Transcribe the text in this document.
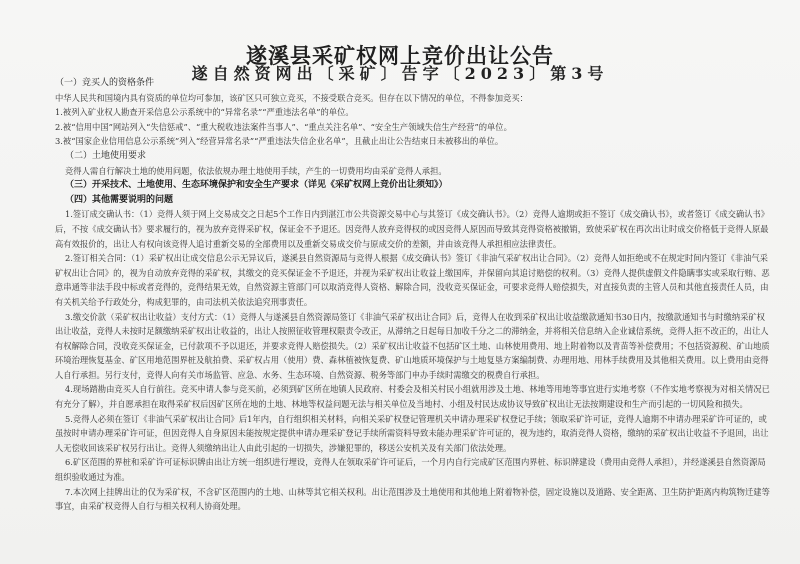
遂溪县采矿权网上竞价出让公告
遂自然资网出〔采矿〕告字〔2023〕第3号

（一）竞买人的资格条件

中华人民共和国境内具有资质的单位均可参加，该矿区只可独立竞买，不接受联合竞买。但存在以下情况的单位，不得参加竞买：

1.被列入矿业权人勘查开采信息公示系统中的“异常名录”“严重违法名单”的单位。

2.被“信用中国”网站列入“失信惩戒”、“重大税收违法案件当事人”、“重点关注名单”、“安全生产领域失信生产经营”的单位。

3.被“国家企业信用信息公示系统”列入“经营异常名录”“严重违法失信企业名单”，且截止出让公告结束日未被移出的单位。

（二）土地使用要求

竞得人需自行解决土地的使用问题，依法依规办理土地使用手续，产生的一切费用均由采矿竞得人承担。

（三）开采技术、土地使用、生态环境保护和安全生产要求（详见《采矿权网上竞价出让须知》）

（四）其他需要说明的问题

1.签订成交确认书：（1）竞得人须于网上交易成交之日起5个工作日内到湛江市公共资源交易中心与其签订《成交确认书》。（2）竞得人逾期或拒不签订《成交确认书》，或者签订《成交确认书》后，不按《成交确认书》要求履行的，视为放弃竞得采矿权，保证金不予退还。因竞得人放弃竞得权的或因竞得人原因而导致其竞得资格被撤销，致使采矿权在再次出让时成交价格低于竞得人原最高有效报价的，出让人有权向该竞得人追讨重新交易的全部费用以及重新交易成交价与原成交价的差额，并由该竞得人承担相应法律责任。

2.签订相关合同：（1）采矿权出让成交信息公示无异议后，遂溪县自然资源局与竞得人根据《成交确认书》签订《非油气采矿权出让合同》。（2）竞得人如拒绝或不在规定时间内签订《非油气采矿权出让合同》的，视为自动放弃竞得的采矿权，其缴交的竞买保证金不予退还，并视为采矿权出让收益上缴国库，并保留向其追讨赔偿的权利。（3）竞得人提供虚假文件隐瞒事实或采取行贿、恶意串通等非法手段中标或者竞得的，竞得结果无效，自然资源主管部门可以取消竞得人资格、解除合同，没收竞买保证金，可要求竞得人赔偿损失，对直接负责的主管人员和其他直接责任人员，由有关机关给予行政处分，构成犯罪的，由司法机关依法追究刑事责任。

3.缴交价款（采矿权出让收益）支付方式：（1）竞得人与遂溪县自然资源局签订《非油气采矿权出让合同》后，竞得人在收到采矿权出让收益缴款通知书30日内，按缴款通知书与时缴纳采矿权出让收益，竞得人未按时足额缴纳采矿权出让收益的，出让人按照征收管理权限责令改正，从滞纳之日起每日加收千分之二的滞纳金，并将相关信息纳入企业诚信系统，竞得人拒不改正的，出让人有权解除合同，没收竞买保证金，已付款项不予以退还，并要求竞得人赔偿损失。（2）采矿权出让收益不包括矿区土地、山林使用费用、地上附着物以及青苗等补偿费用；不包括资源税、矿山地质环境治理恢复基金、矿区用地范围界桩及航拍费、采矿权占用（使用）费、森林植被恢复费、矿山地质环境保护与土地复垦方案编制费、办理用地、用林手续费用及其他相关费用。以上费用由竞得人自行承担。另行支付，竞得人向有关市场监管、应急、水务、生态环境、自然资源、税务等部门申办手续时需缴交的税费自行承担。

4.现场踏勘由竞买人自行前往。竞买申请人参与竞买前，必须到矿区所在地镇人民政府、村委会及相关村民小组就用涉及土地、林地等用地等事宜进行实地考察（不作实地考察视为对相关情况已有充分了解），并自愿承担在取得采矿权后因矿区所在地的土地、林地等权益问题无法与相关单位及当地村、小组及村民达成协议导致矿权出让无法按期建设和生产而引起的一切风险和损失。

5.竞得人必须在签订《非油气采矿权出让合同》后1年内，自行组织相关材料，向相关采矿权登记管理机关申请办理采矿权登记手续；领取采矿许可证，竞得人逾期不申请办理采矿许可证的，或虽按时申请办理采矿许可证，但因竞得人自身原因未能按规定提供申请办理采矿登记手续所需资料导致未能办理采矿许可证的，视为违约，取消竞得人资格，缴纳的采矿权出让收益不予退回，出让人无偿收回该采矿权另行出让。竞得人须缴纳出让人由此引起的一切损失，涉嫌犯罪的，移送公安机关及有关部门依法处理。

6.矿区范围的界桩和采矿许可证标识牌由出让方统一组织进行埋设，竞得人在领取采矿许可证后，一个月内自行完成矿区范围内界桩、标识牌建设（费用由竞得人承担），并经遂溪县自然资源局组织验收通过为准。

7.本次网上挂牌出让的仅为采矿权，不含矿区范围内的土地、山林等其它相关权利。出让范围涉及土地使用和其他地上附着物补偿，固定设施以及道路、安全距离、卫生防护距离内构筑物迁建等事宜，由采矿权竞得人自行与相关权利人协商处理。
